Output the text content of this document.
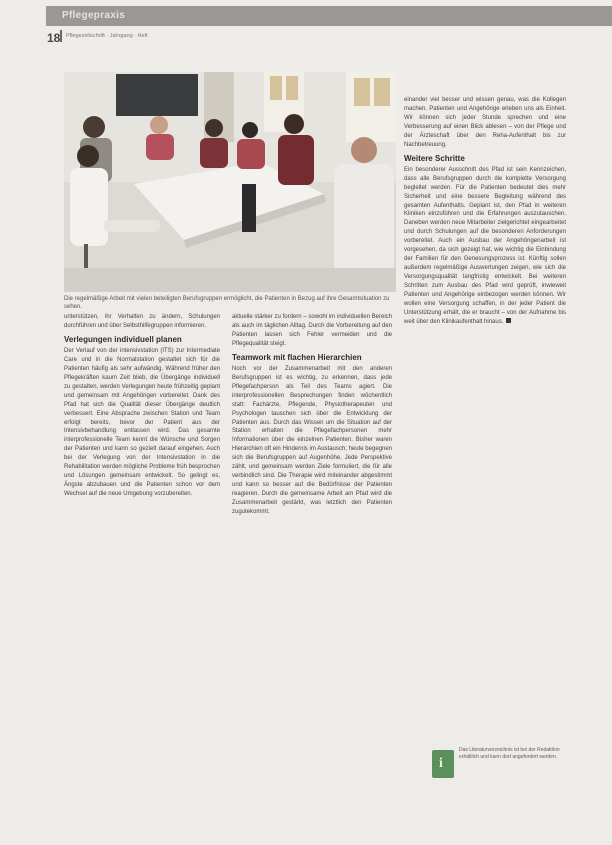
Pflegepraxis
18 Pflegezeitschrift · Jahrgang · Heft
Die regelmäßige Arbeit mit vielen beteiligten Berufsgruppen ermöglicht, die Patienten in Bezug auf ihre Gesamtsituation zu sehen.

unterstützen, ihr Verhalten zu ändern, Schulungen durchführen und über Selbsthilfegruppen informieren.

Verlegungen individuell planen

Der Verlauf von der intensivstation (ITS) zur Intermediate Care und in die Normalstation gestaltet sich für die Patienten häufig als sehr aufwändig. Während früher den Pflegekräften kaum Zeit blieb, die Übergänge individuell zu gestalten, werden Verlegungen heute frühzeitig geplant und gemeinsam mit Angehörigen vorbereitet. Dank des Pfad hat sich die Qualität dieser Übergänge deutlich verbessert. Eine Absprache zwischen Station und Team erfolgt bereits, bevor der Patient aus der Intensivbehandlung entlassen wird. Das gesamte interprofessionelle Team kennt die Wünsche und Sorgen der Patienten und kann so gezielt darauf eingehen. Auch bei der Verlegung von der Intensivstation in die Rehabilitation werden mögliche Probleme früh besprochen und Lösungen gemeinsam entwickelt. So gelingt es, Ängste abzubauen und die Patienten schon vor dem Wechsel auf die neue Umgebung vorzubereiten.

aktuelle stärker zu fordern – sowohl im individuellen Bereich als auch im täglichen Alltag. Durch die Vorbereitung auf den Patienten lassen sich Fehler vermeiden und die Pflegequalität steigt.

Teamwork mit flachen Hierarchien

Noch vor der Zusammenarbeit mit den anderen Berufsgruppen ist es wichtig, zu erkennen, dass jede Pflegefachperson als Teil des Teams agiert. Die interprofessionellen Besprechungen finden wöchentlich statt: Fachärzte, Pflegende, Physiotherapeuten und Psychologen tauschen sich über die Entwicklung der Patienten aus. Durch das Wissen um die Situation auf der Station erhalten die Pflegefachpersonen mehr Informationen über die einzelnen Patienten. Bisher waren Hierarchien oft ein Hindernis im Austausch; heute begegnen sich die Berufsgruppen auf Augenhöhe. Jede Perspektive zählt, und gemeinsam werden Ziele formuliert, die für alle verbindlich sind. Die Therapie wird miteinander abgestimmt und kann so besser auf die Bedürfnisse der Patienten reagieren. Durch die gemeinsame Arbeit am Pfad wird die Zusammenarbeit gestärkt, was letztlich den Patienten zugutekommt.

einander viel besser und wissen genau, was die Kollegen machen. Patienten und Angehörige erleben uns als Einheit. Wir können sich jeder Stunde sprechen und eine Verbesserung auf einen Blick ablesen – von der Pflege und der Ärzteschaft über den Reha-Aufenthalt bis zur Nachbetreuung.

Weitere Schritte

Ein besonderer Ausschnitt des Pfad ist sein Kennzeichen, dass alle Berufsgruppen durch die komplette Versorgung begleitet werden. Für die Patienten bedeutet dies mehr Sicherheit und eine bessere Begleitung während des gesamten Aufenthalts. Geplant ist, den Pfad in weiteren Kliniken einzuführen und die Erfahrungen auszutauschen. Daneben werden neue Mitarbeiter zielgerichtet eingearbeitet und durch Schulungen auf die besonderen Anforderungen vorbereitet. Auch ein Ausbau der Angehörigenarbeit ist vorgesehen, da sich gezeigt hat, wie wichtig die Einbindung der Familien für den Genesungsprozess ist. Künftig sollen außerdem regelmäßige Auswertungen zeigen, wie sich die Versorgungsqualität langfristig entwickelt. Bei weiteren Schritten zum Ausbau des Pfad wird geprüft, inwieweit Patienten und Angehörige einbezogen werden können. Wir wollen eine Versorgung schaffen, in der jeder Patient die Unterstützung erhält, die er braucht – von der Aufnahme bis weit über den Klinikaufenthalt hinaus.

i
Das Literaturverzeichnis ist bei der Redaktion erhältlich und kann dort angefordert werden.
